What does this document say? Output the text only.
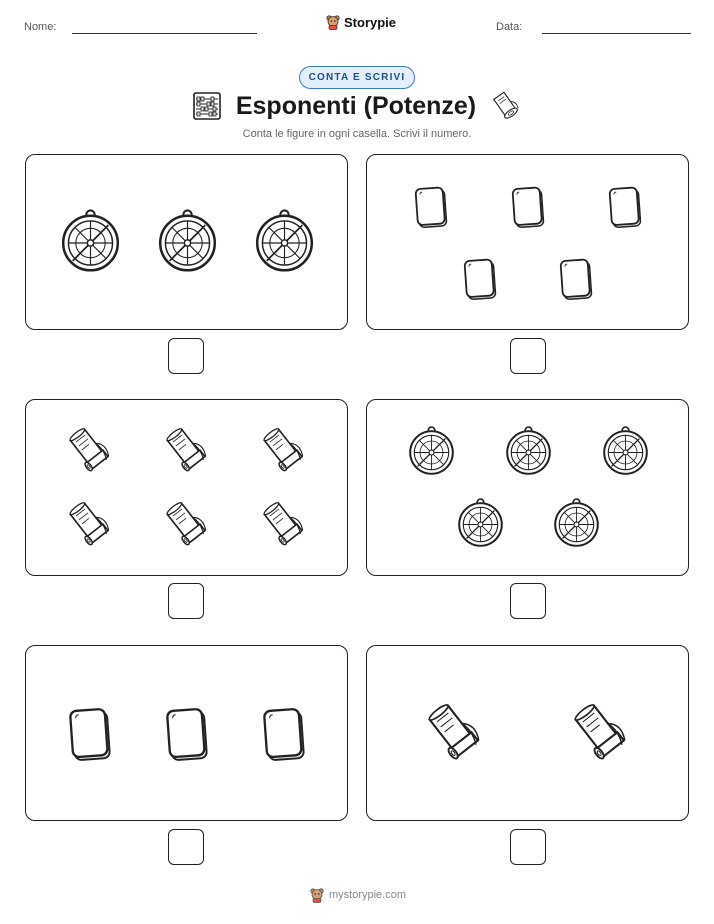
Nome:	Storypie	Data:
CONTA E SCRIVI
Esponenti (Potenze)
Conta le figure in ogni casella. Scrivi il numero.
mystorypie.com
